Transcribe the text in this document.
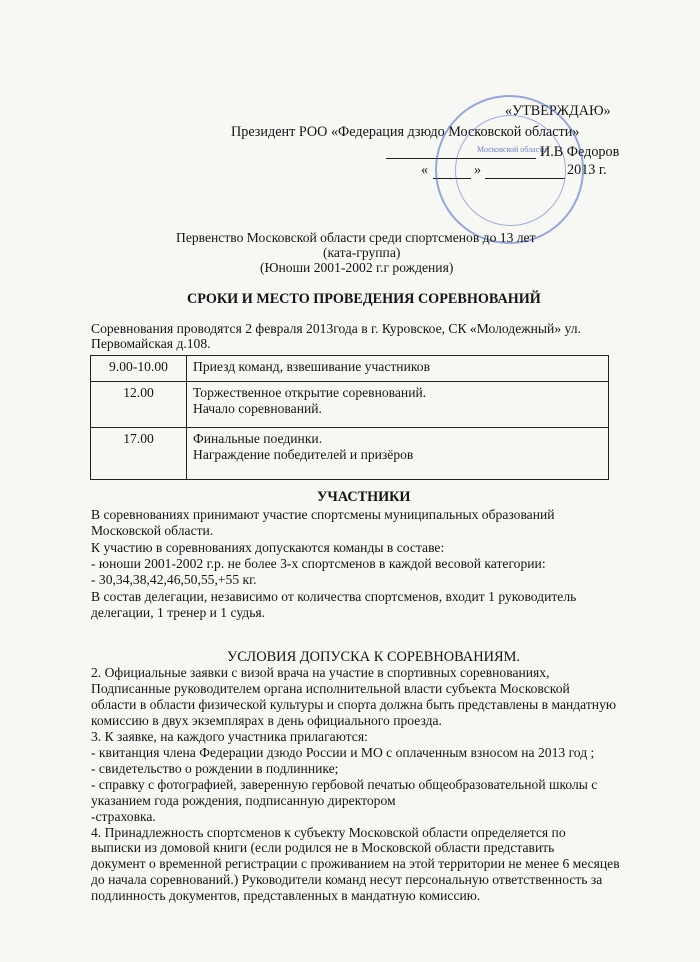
«УТВЕРЖДАЮ»
Президент РОО «Федерация дзюдо Московской области»
И.В Федоров
«	»	2013 г.
Московской области
Первенство Московской области среди спортсменов до 13 лет
(ката-группа)
(Юноши 2001-2002 г.г рождения)
СРОКИ И МЕСТО ПРОВЕДЕНИЯ СОРЕВНОВАНИЙ
Соревнования проводятся 2 февраля 2013года в г. Куровское, СК «Молодежный» ул.
Первомайская д.108.
9.00-10.00	Приезд команд, взвешивание участников
12.00	Торжественное открытие соревнований.
Начало соревнований.
17.00	Финальные поединки.
Награждение победителей и призёров
УЧАСТНИКИ
В соревнованиях принимают участие спортсмены муниципальных образований
Московской области.
К участию в соревнованиях допускаются команды в составе:
- юноши 2001-2002 г.р. не более 3-х спортсменов в каждой весовой категории:
- 30,34,38,42,46,50,55,+55 кг.
В состав делегации, независимо от количества спортсменов, входит 1 руководитель
делегации, 1 тренер и 1 судья.
УСЛОВИЯ ДОПУСКА К СОРЕВНОВАНИЯМ.
2. Официальные заявки с визой врача на участие в спортивных соревнованиях,
Подписанные руководителем органа исполнительной власти субъекта Московской
области в области физической культуры и спорта должна быть представлены в мандатную
комиссию в двух экземплярах в день официального проезда.
3. К заявке, на каждого участника прилагаются:
- квитанция члена Федерации дзюдо России и МО с оплаченным взносом на 2013 год ;
- свидетельство о рождении в подлиннике;
- справку с фотографией, заверенную гербовой печатью общеобразовательной школы с
указанием года рождения, подписанную директором
-страховка.
4. Принадлежность спортсменов к субъекту Московской области определяется по
выписки из домовой книги (если родился не в Московской области представить
документ о временной регистрации с проживанием на этой территории не менее 6 месяцев
до начала соревнований.) Руководители команд несут персональную ответственность за
подлинность документов, представленных в мандатную комиссию.
